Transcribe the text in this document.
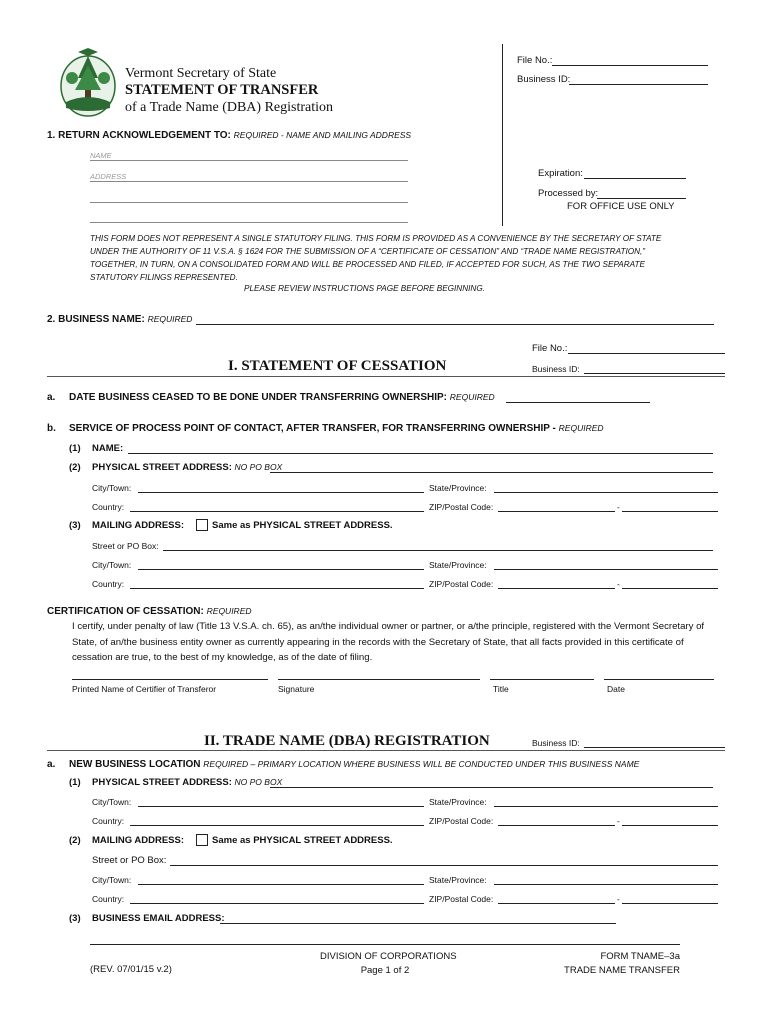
Vermont Secretary of State
STATEMENT OF TRANSFER
of a Trade Name (DBA) Registration
File No.:
Business ID:
1. RETURN ACKNOWLEDGEMENT TO: REQUIRED - NAME AND MAILING ADDRESS
NAME
ADDRESS	Expiration:
Processed by:
FOR OFFICE USE ONLY
THIS FORM DOES NOT REPRESENT A SINGLE STATUTORY FILING. THIS FORM IS PROVIDED AS A CONVENIENCE BY THE SECRETARY OF STATE UNDER THE AUTHORITY OF 11 V.S.A. § 1624 FOR THE SUBMISSION OF A “CERTIFICATE OF CESSATION” AND “TRADE NAME REGISTRATION,” TOGETHER, IN TURN, ON A CONSOLIDATED FORM AND WILL BE PROCESSED AND FILED, IF ACCEPTED FOR SUCH, AS THE TWO SEPARATE STATUTORY FILINGS REPRESENTED.
PLEASE REVIEW INSTRUCTIONS PAGE BEFORE BEGINNING.
2. BUSINESS NAME: REQUIRED
File No.:
I. STATEMENT OF CESSATION	Business ID:
a. DATE BUSINESS CEASED TO BE DONE UNDER TRANSFERRING OWNERSHIP: REQUIRED
b. SERVICE OF PROCESS POINT OF CONTACT, AFTER TRANSFER, FOR TRANSFERRING OWNERSHIP - REQUIRED
(1) NAME:
(2) PHYSICAL STREET ADDRESS: NO PO BOX
City/Town:	State/Province:
Country:	ZIP/Postal Code:	-
(3) MAILING ADDRESS:	Same as PHYSICAL STREET ADDRESS.
Street or PO Box:
City/Town:	State/Province:
Country:	ZIP/Postal Code:	-
CERTIFICATION OF CESSATION: REQUIRED
I certify, under penalty of law (Title 13 V.S.A. ch. 65), as an/the individual owner or partner, or a/the principle, registered with the Vermont Secretary of State, of an/the business entity owner as currently appearing in the records with the Secretary of State, that all facts provided in this certificate of cessation are true, to the best of my knowledge, as of the date of filing.
Printed Name of Certifier of Transferor	Signature	Title	Date
II. TRADE NAME (DBA) REGISTRATION	Business ID:
a. NEW BUSINESS LOCATION REQUIRED – PRIMARY LOCATION WHERE BUSINESS WILL BE CONDUCTED UNDER THIS BUSINESS NAME
(1) PHYSICAL STREET ADDRESS: NO PO BOX
City/Town:	State/Province:
Country:	ZIP/Postal Code:	-
(2) MAILING ADDRESS:	Same as PHYSICAL STREET ADDRESS.
Street or PO Box:
City/Town:	State/Province:
Country:	ZIP/Postal Code:	-
(3) BUSINESS EMAIL ADDRESS:
(REV. 07/01/15 v.2)
DIVISION OF CORPORATIONS
Page 1 of 2
FORM TNAME–3a
TRADE NAME TRANSFER
